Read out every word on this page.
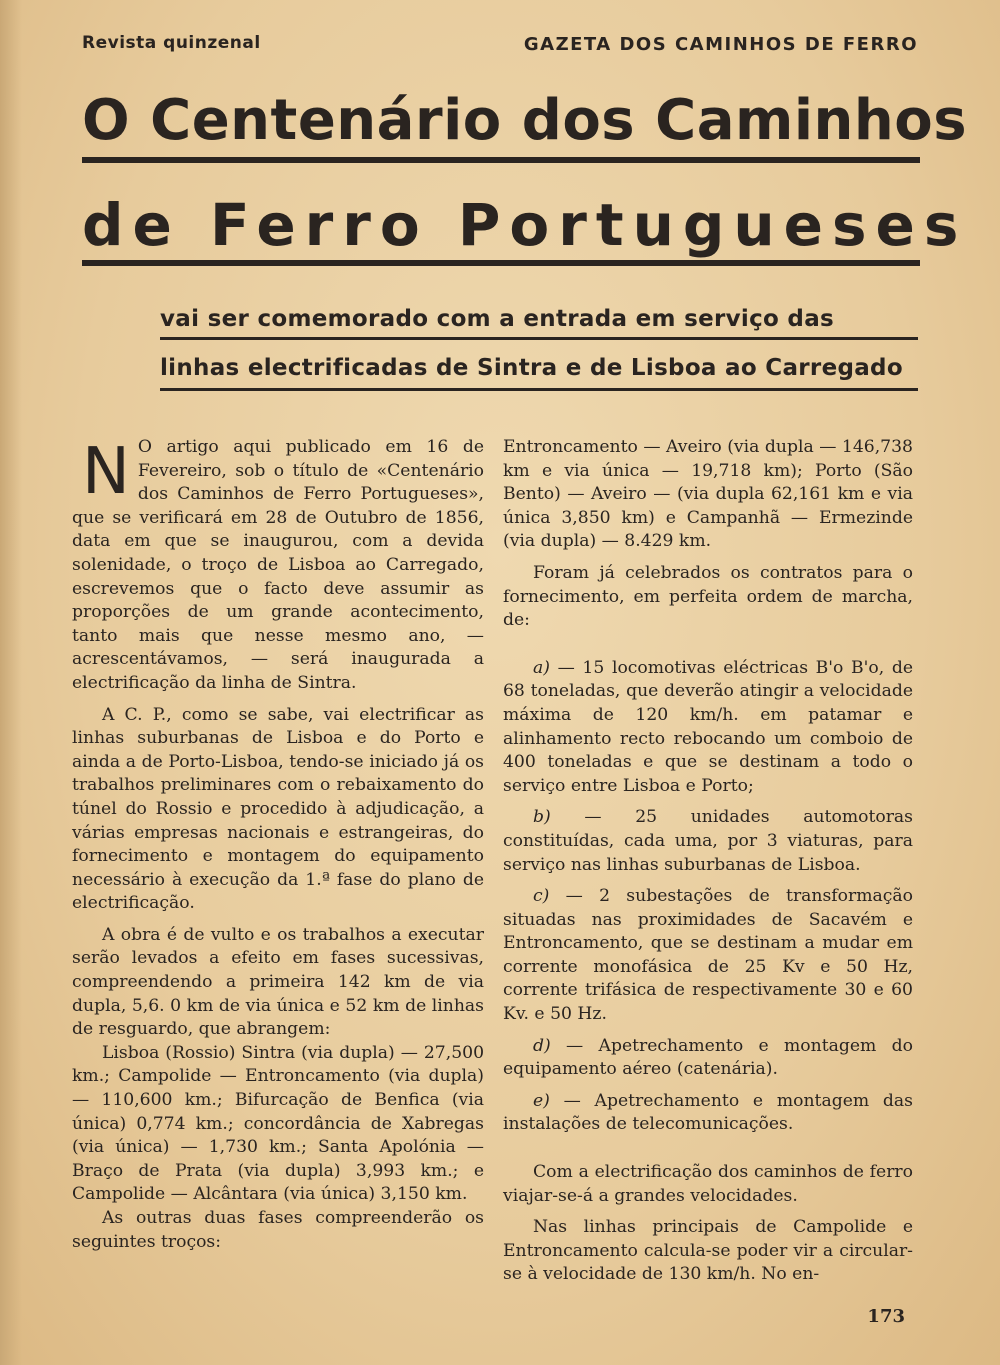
Revista quinzenal	GAZETA DOS CAMINHOS DE FERRO
O Centenário dos Caminhos
de Ferro Portugueses
vai ser comemorado com a entrada em serviço das
linhas electrificadas de Sintra e de Lisboa ao Carregado

N O artigo aqui publicado em 16 de Fevereiro, sob o título de «Centenário dos Caminhos de Ferro Portugueses», que se verificará em 28 de Outubro de 1856, data em que se inaugurou, com a devida solenidade, o troço de Lisboa ao Carregado, escrevemos que o facto deve assumir as proporções de um grande acontecimento, tanto mais que nesse mesmo ano, — acrescentávamos, — será inaugurada a electrificação da linha de Sintra.

A C. P., como se sabe, vai electrificar as linhas suburbanas de Lisboa e do Porto e ainda a de Porto-Lisboa, tendo-se iniciado já os trabalhos preliminares com o rebaixamento do túnel do Rossio e procedido à adjudicação, a várias empresas nacionais e estrangeiras, do fornecimento e montagem do equipamento necessário à execução da 1.ª fase do plano de electrificação.

A obra é de vulto e os trabalhos a executar serão levados a efeito em fases sucessivas, compreendendo a primeira 142 km de via dupla, 5,6. 0 km de via única e 52 km de linhas de resguardo, que abrangem:

Lisboa (Rossio) Sintra (via dupla) — 27,500 km.; Campolide — Entroncamento (via dupla) — 110,600 km.; Bifurcação de Benfica (via única) 0,774 km.; concordância de Xabregas (via única) — 1,730 km.; Santa Apolónia — Braço de Prata (via dupla) 3,993 km.; e Campolide — Alcântara (via única) 3,150 km.

As outras duas fases compreenderão os seguintes troços:

Entroncamento — Aveiro (via dupla — 146,738 km e via única — 19,718 km); Porto (São Bento) — Aveiro — (via dupla 62,161 km e via única 3,850 km) e Campanhã — Ermezinde (via dupla) — 8.429 km.

Foram já celebrados os contratos para o fornecimento, em perfeita ordem de marcha, de:

a) — 15 locomotivas eléctricas B'o B'o, de 68 toneladas, que deverão atingir a velocidade máxima de 120 km/h. em patamar e alinhamento recto rebocando um comboio de 400 toneladas e que se destinam a todo o serviço entre Lisboa e Porto;

b) — 25 unidades automotoras constituídas, cada uma, por 3 viaturas, para serviço nas linhas suburbanas de Lisboa.

c) — 2 subestações de transformação situadas nas proximidades de Sacavém e Entroncamento, que se destinam a mudar em corrente monofásica de 25 Kv e 50 Hz, corrente trifásica de respectivamente 30 e 60 Kv. e 50 Hz.

d) — Apetrechamento e montagem do equipamento aéreo (catenária).

e) — Apetrechamento e montagem das instalações de telecomunicações.

Com a electrificação dos caminhos de ferro viajar-se-á a grandes velocidades.

Nas linhas principais de Campolide e Entroncamento calcula-se poder vir a circular-se à velocidade de 130 km/h. No en-

173
